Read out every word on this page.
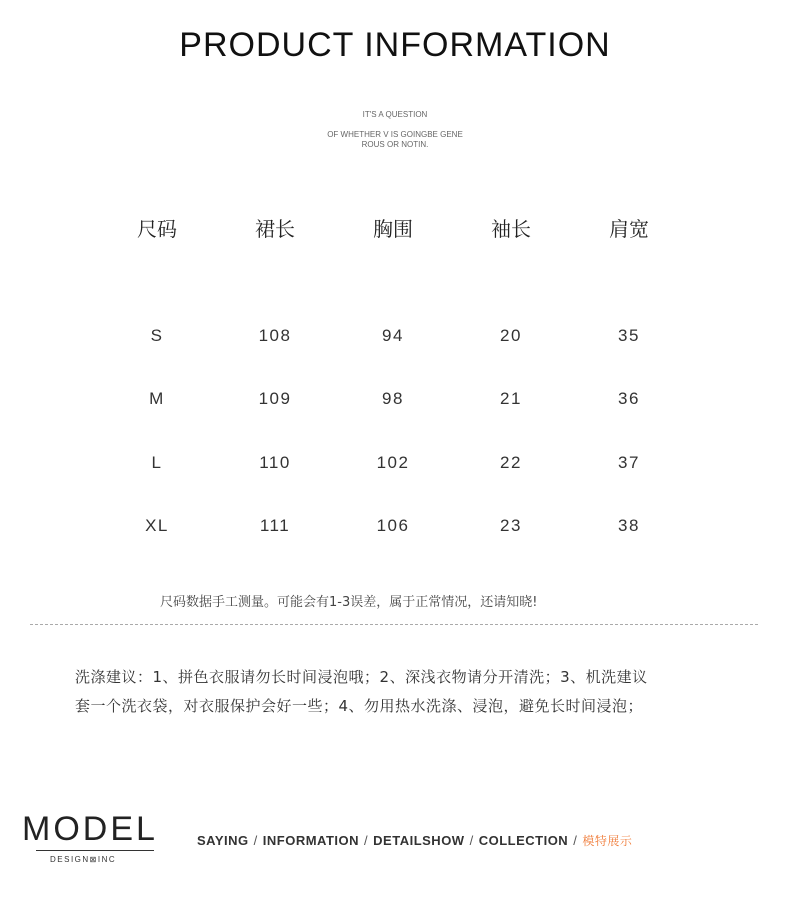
PRODUCT INFORMATION
IT'S A QUESTION
OF WHETHER V IS GOINGBE GENE
ROUS OR NOTIN.
尺码	裙长	胸围	袖长	肩宽

S	108	94	20	35
M	109	98	21	36
L	110	102	22	37
XL	111	106	23	38
尺码数据手工测量。可能会有1-3误差，属于正常情况，还请知晓!
洗涤建议：1、拼色衣服请勿长时间浸泡哦；2、深浅衣物请分开清洗；3、机洗建议
套一个洗衣袋，对衣服保护会好一些；4、勿用热水洗涤、浸泡，避免长时间浸泡；
MODEL
DESIGN⊠INC
SAYING / INFORMATION / DETAILSHOW / COLLECTION / 模特展示
